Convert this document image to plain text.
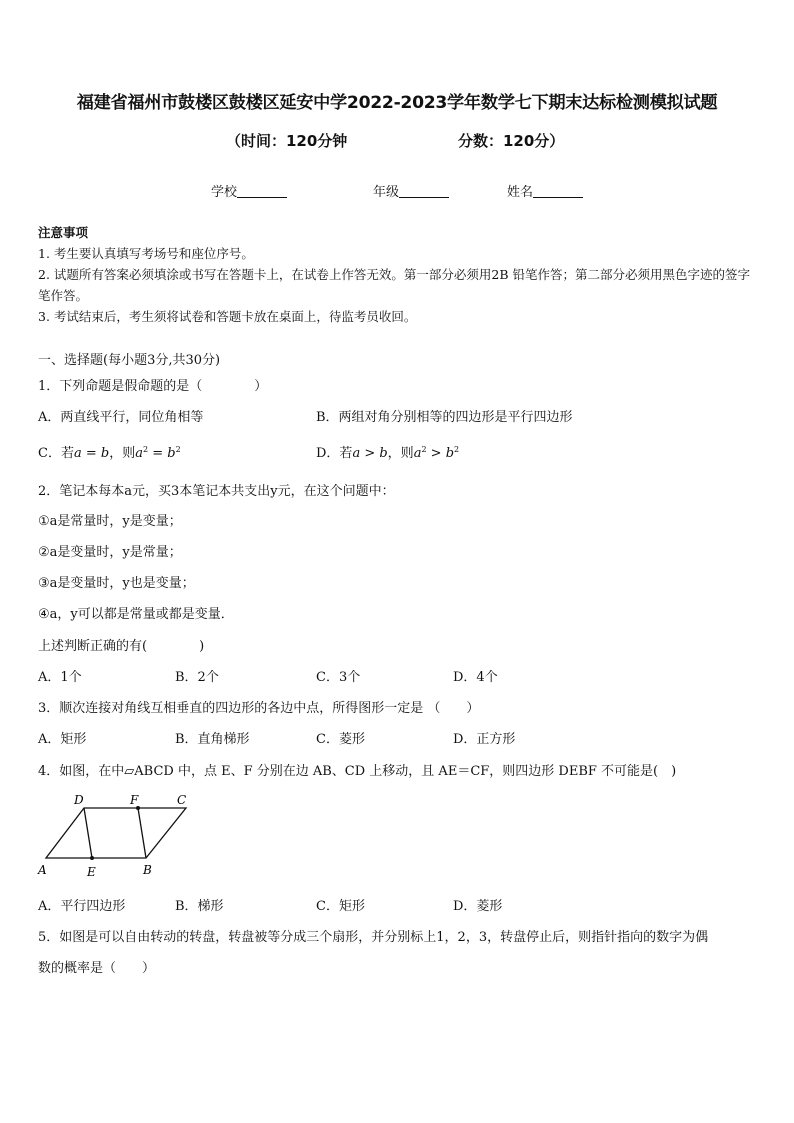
福建省福州市鼓楼区鼓楼区延安中学2022-2023学年数学七下期末达标检测模拟试题
（时间：120分钟	分数：120分）
学校	年级	姓名
注意事项
1. 考生要认真填写考场号和座位序号。
2. 试题所有答案必须填涂或书写在答题卡上，在试卷上作答无效。第一部分必须用2B 铅笔作答；第二部分必须用黑色字迹的签字笔作答。
3. 考试结束后，考生须将试卷和答题卡放在桌面上，待监考员收回。
一、选择题(每小题3分,共30分)
1．下列命题是假命题的是（　　　　）
A．两直线平行，同位角相等	B．两组对角分别相等的四边形是平行四边形
C．若a = b，则$a^2 = b^2$	D．若a > b，则$a^2 > b^2$
2．笔记本每本a元，买3本笔记本共支出y元，在这个问题中：
①a是常量时，y是变量；
②a是变量时，y是常量；
③a是变量时，y也是变量；
④a，y可以都是常量或都是变量．
上述判断正确的有(　　　　)
A．1个	B．2个	C．3个	D．4个
3．顺次连接对角线互相垂直的四边形的各边中点，所得图形一定是 （　　）
A．矩形	B．直角梯形	C．菱形	D．正方形
4．如图，在中▱ABCD 中，点 E、F 分别在边 AB、CD 上移动，且 AE＝CF，则四边形 DEBF 不可能是(　)
D	F	C
A	E	B
A．平行四边形	B．梯形	C．矩形	D．菱形
5．如图是可以自由转动的转盘，转盘被等分成三个扇形，并分别标上1，2，3，转盘停止后，则指针指向的数字为偶
数的概率是（　　）
